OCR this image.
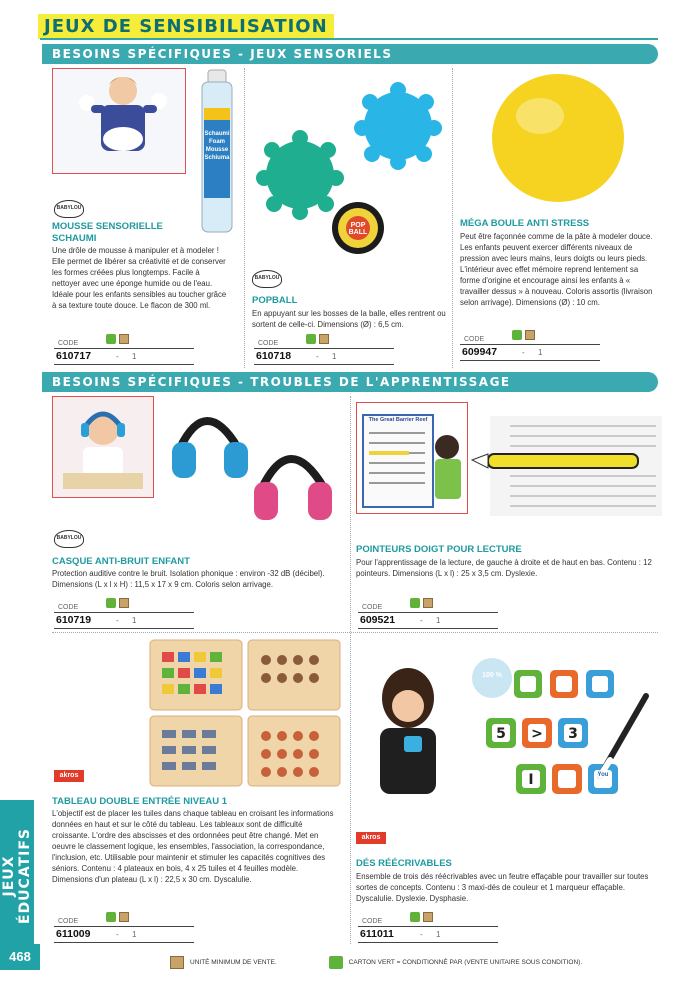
JEUX DE SENSIBILISATION
BESOINS SPÉCIFIQUES - JEUX SENSORIELS
Schaumi Foam Mousse Schiuma
BABYLOU
MOUSSE SENSORIELLE SCHAUMI
Une drôle de mousse à manipuler et à modeler ! Elle permet de libérer sa créativité et de conserver les formes créées plus longtemps. Facile à nettoyer avec une éponge humide ou de l'eau. Idéale pour les enfants sensibles au toucher grâce à sa texture toute douce. Le flacon de 300 ml.
CODE
610717	- 1
POP BALL
BABYLOU
POPBALL
En appuyant sur les bosses de la balle, elles rentrent ou sortent de celle-ci. Dimensions (Ø) : 6,5 cm.
CODE
610718	- 1
MÉGA BOULE ANTI STRESS
Peut être façonnée comme de la pâte à modeler douce. Les enfants peuvent exercer différents niveaux de pression avec leurs mains, leurs doigts ou leurs pieds. L'intérieur avec effet mémoire reprend lentement sa forme d'origine et encourage ainsi les enfants à « travailler dessus » à nouveau. Coloris assortis (livraison selon arrivage). Dimensions (Ø) : 10 cm.
CODE
609947	- 1
BESOINS SPÉCIFIQUES - TROUBLES DE L'APPRENTISSAGE
BABYLOU
CASQUE ANTI-BRUIT ENFANT
Protection auditive contre le bruit. Isolation phonique : environ -32 dB (décibel). Dimensions (L x l x H) : 11,5 x 17 x 9 cm. Coloris selon arrivage.
CODE
610719	- 1
The Great Barrier Reef
POINTEURS DOIGT POUR LECTURE
Pour l'apprentissage de la lecture, de gauche à droite et de haut en bas. Contenu : 12 pointeurs. Dimensions (L x l) : 25 x 3,5 cm. Dyslexie.
CODE
609521	- 1
akros
TABLEAU DOUBLE ENTRÉE NIVEAU 1
L'objectif est de placer les tuiles dans chaque tableau en croisant les informations données en haut et sur le côté du tableau. Les tableaux sont de difficulté croissante. L'ordre des abscisses et des ordonnées peut être changé. Met en oeuvre le classement logique, les ensembles, l'association, la correspondance, l'inclusion, etc. Utilisable pour maintenir et stimuler les capacités cognitives des séniors. Contenu : 4 plateaux en bois, 4 x 25 tuiles et 4 feuilles modèle. Dimensions d'un plateau (L x l) : 22,5 x 30 cm. Dyscalulie.
CODE
611009	- 1
5 > 3
I
100 %
You
akros
DÉS RÉÉCRIVABLES
Ensemble de trois dés réécrivables avec un feutre effaçable pour travailler sur toutes sortes de concepts. Contenu : 3 maxi-dés de couleur et 1 marqueur effaçable. Dyscalulie. Dyslexie. Dysphasie.
CODE
611011	- 1
JEUX ÉDUCATIFS
468	UNITÉ MINIMUM DE VENTE.	CARTON VERT = CONDITIONNÉ PAR (VENTE UNITAIRE SOUS CONDITION).
